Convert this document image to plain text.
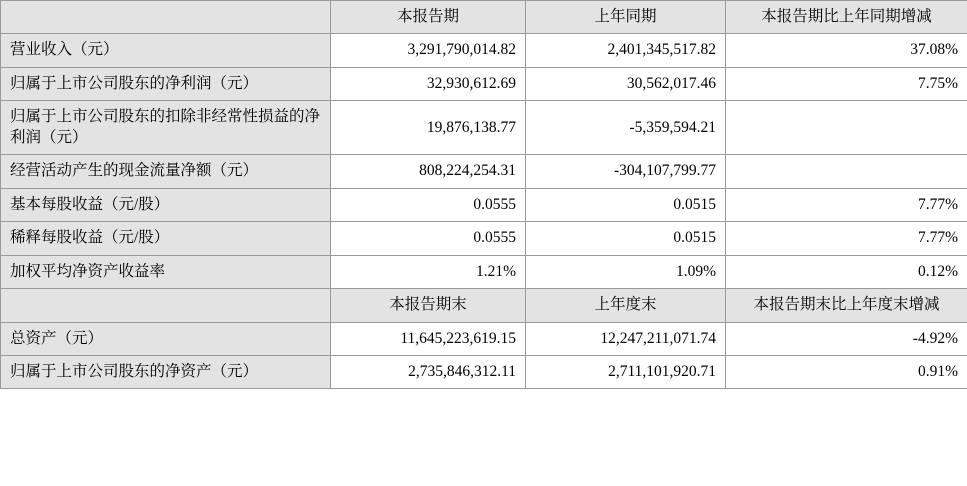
	本报告期	上年同期	本报告期比上年同期增减
营业收入（元）	3,291,790,014.82	2,401,345,517.82	37.08%
归属于上市公司股东的净利润（元）	32,930,612.69	30,562,017.46	7.75%
归属于上市公司股东的扣除非经常性损益的净利润（元）	19,876,138.77	-5,359,594.21	
经营活动产生的现金流量净额（元）	808,224,254.31	-304,107,799.77	
基本每股收益（元/股）	0.0555	0.0515	7.77%
稀释每股收益（元/股）	0.0555	0.0515	7.77%
加权平均净资产收益率	1.21%	1.09%	0.12%
	本报告期末	上年度末	本报告期末比上年度末增减
总资产（元）	11,645,223,619.15	12,247,211,071.74	-4.92%
归属于上市公司股东的净资产（元）	2,735,846,312.11	2,711,101,920.71	0.91%
